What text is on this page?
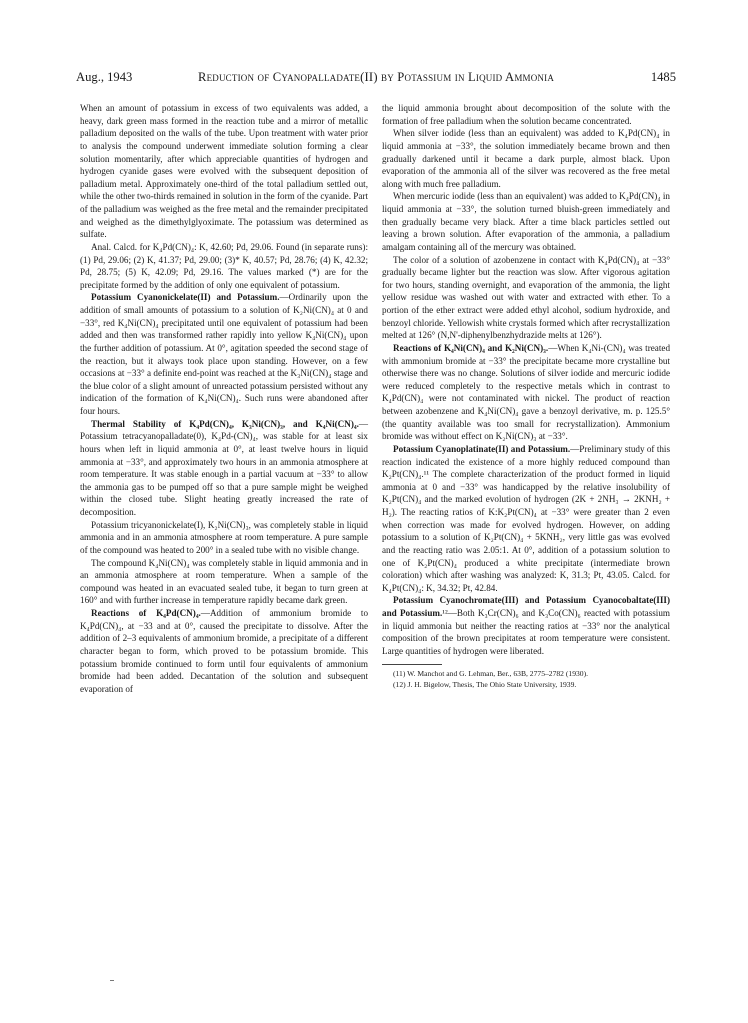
Aug., 1943	Reduction of Cyanopalladate(II) by Potassium in Liquid Ammonia	1485

When an amount of potassium in excess of two equivalents was added, a heavy, dark green mass formed in the reaction tube and a mirror of metallic palladium deposited on the walls of the tube. Upon treatment with water prior to analysis the compound underwent immediate solution forming a clear solution momentarily, after which appreciable quantities of hydrogen and hydrogen cyanide gases were evolved with the subsequent deposition of palladium metal. Approximately one-third of the total palladium settled out, while the other two-thirds remained in solution in the form of the cyanide. Part of the palladium was weighed as the free metal and the remainder precipitated and weighed as the dimethylglyoximate. The potassium was determined as sulfate.

Anal. Calcd. for K₄Pd(CN)₄: K, 42.60; Pd, 29.06. Found (in separate runs): (1) Pd, 29.06; (2) K, 41.37; Pd, 29.00; (3)* K, 40.57; Pd, 28.76; (4) K, 42.32; Pd, 28.75; (5) K, 42.09; Pd, 29.16. The values marked (*) are for the precipitate formed by the addition of only one equivalent of potassium.

Potassium Cyanonickelate(II) and Potassium.—Ordinarily upon the addition of small amounts of potassium to a solution of K₂Ni(CN)₄ at 0 and −33°, red K₄Ni(CN)₄ precipitated until one equivalent of potassium had been added and then was transformed rather rapidly into yellow K₄Ni(CN)₄ upon the further addition of potassium. At 0°, agitation speeded the second stage of the reaction, but it always took place upon standing. However, on a few occasions at −33° a definite end-point was reached at the K₃Ni(CN)₄ stage and the blue color of a slight amount of unreacted potassium persisted without any indication of the formation of K₄Ni(CN)₄. Such runs were abandoned after four hours.

Thermal Stability of K₄Pd(CN)₄, K₃Ni(CN)₃, and K₄Ni(CN)₄.—Potassium tetracyanopalladate(0), K₄Pd-(CN)₄, was stable for at least six hours when left in liquid ammonia at 0°, at least twelve hours in liquid ammonia at −33°, and approximately two hours in an ammonia atmosphere at room temperature. It was stable enough in a partial vacuum at −33° to allow the ammonia gas to be pumped off so that a pure sample might be weighed within the closed tube. Slight heating greatly increased the rate of decomposition.

Potassium tricyanonickelate(I), K₂Ni(CN)₃, was completely stable in liquid ammonia and in an ammonia atmosphere at room temperature. A pure sample of the compound was heated to 200° in a sealed tube with no visible change.

The compound K₄Ni(CN)₄ was completely stable in liquid ammonia and in an ammonia atmosphere at room temperature. When a sample of the compound was heated in an evacuated sealed tube, it began to turn green at 160° and with further increase in temperature rapidly became dark green.

Reactions of K₄Pd(CN)₄.—Addition of ammonium bromide to K₄Pd(CN)₄, at −33 and at 0°, caused the precipitate to dissolve. After the addition of 2–3 equivalents of ammonium bromide, a precipitate of a different character began to form, which proved to be potassium bromide. This potassium bromide continued to form until four equivalents of ammonium bromide had been added. Decantation of the solution and subsequent evaporation of

the liquid ammonia brought about decomposition of the solute with the formation of free palladium when the solution became concentrated.

When silver iodide (less than an equivalent) was added to K₄Pd(CN)₄ in liquid ammonia at −33°, the solution immediately became brown and then gradually darkened until it became a dark purple, almost black. Upon evaporation of the ammonia all of the silver was recovered as the free metal along with much free palladium.

When mercuric iodide (less than an equivalent) was added to K₄Pd(CN)₄ in liquid ammonia at −33°, the solution turned bluish-green immediately and then gradually became very black. After a time black particles settled out leaving a brown solution. After evaporation of the ammonia, a palladium amalgam containing all of the mercury was obtained.

The color of a solution of azobenzene in contact with K₄Pd(CN)₄ at −33° gradually became lighter but the reaction was slow. After vigorous agitation for two hours, standing overnight, and evaporation of the ammonia, the light yellow residue was washed out with water and extracted with ether. To a portion of the ether extract were added ethyl alcohol, sodium hydroxide, and benzoyl chloride. Yellowish white crystals formed which after recrystallization melted at 126° (N,N'-diphenylbenzhydrazide melts at 126°).

Reactions of K₄Ni(CN)₄ and K₂Ni(CN)₃.—When K₄Ni-(CN)₄ was treated with ammonium bromide at −33° the precipitate became more crystalline but otherwise there was no change. Solutions of silver iodide and mercuric iodide were reduced completely to the respective metals which in contrast to K₄Pd(CN)₄ were not contaminated with nickel. The product of reaction between azobenzene and K₄Ni(CN)₄ gave a benzoyl derivative, m. p. 125.5° (the quantity available was too small for recrystallization). Ammonium bromide was without effect on K₂Ni(CN)₃ at −33°.

Potassium Cyanoplatinate(II) and Potassium.—Preliminary study of this reaction indicated the existence of a more highly reduced compound than K₂Pt(CN)₄.¹¹ The complete characterization of the product formed in liquid ammonia at 0 and −33° was handicapped by the relative insolubility of K₂Pt(CN)₄ and the marked evolution of hydrogen (2K + 2NH₃ → 2KNH₂ + H₂). The reacting ratios of K:K₂Pt(CN)₄ at −33° were greater than 2 even when correction was made for evolved hydrogen. However, on adding potassium to a solution of K₂Pt(CN)₄ + 5KNH₂, very little gas was evolved and the reacting ratio was 2.05:1. At 0°, addition of a potassium solution to one of K₂Pt(CN)₄ produced a white precipitate (intermediate brown coloration) which after washing was analyzed: K, 31.3; Pt, 43.05. Calcd. for K₄Pt(CN)₄: K, 34.32; Pt, 42.84.

Potassium Cyanochromate(III) and Potassium Cyanocobaltate(III) and Potassium.¹²—Both K₃Cr(CN)₆ and K₃Co(CN)₆ reacted with potassium in liquid ammonia but neither the reacting ratios at −33° nor the analytical composition of the brown precipitates at room temperature were consistent. Large quantities of hydrogen were liberated.

(11) W. Manchot and G. Lehman, Ber., 63B, 2775–2782 (1930).

(12) J. H. Bigelow, Thesis, The Ohio State University, 1939.
